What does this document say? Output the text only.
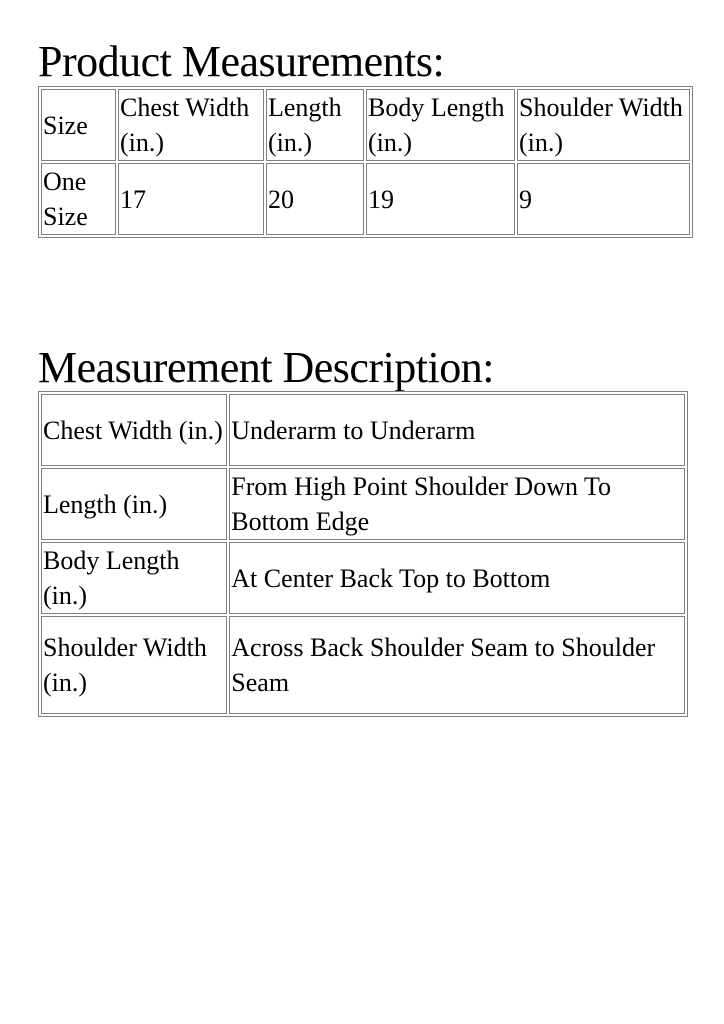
Product Measurements:
Size	Chest Width (in.)	Length (in.)	Body Length (in.)	Shoulder Width (in.)
One Size	17	20	19	9
Measurement Description:
Chest Width (in.)	Underarm to Underarm
Length (in.)	From High Point Shoulder Down To Bottom Edge
Body Length (in.)	At Center Back Top to Bottom
Shoulder Width (in.)	Across Back Shoulder Seam to Shoulder Seam
